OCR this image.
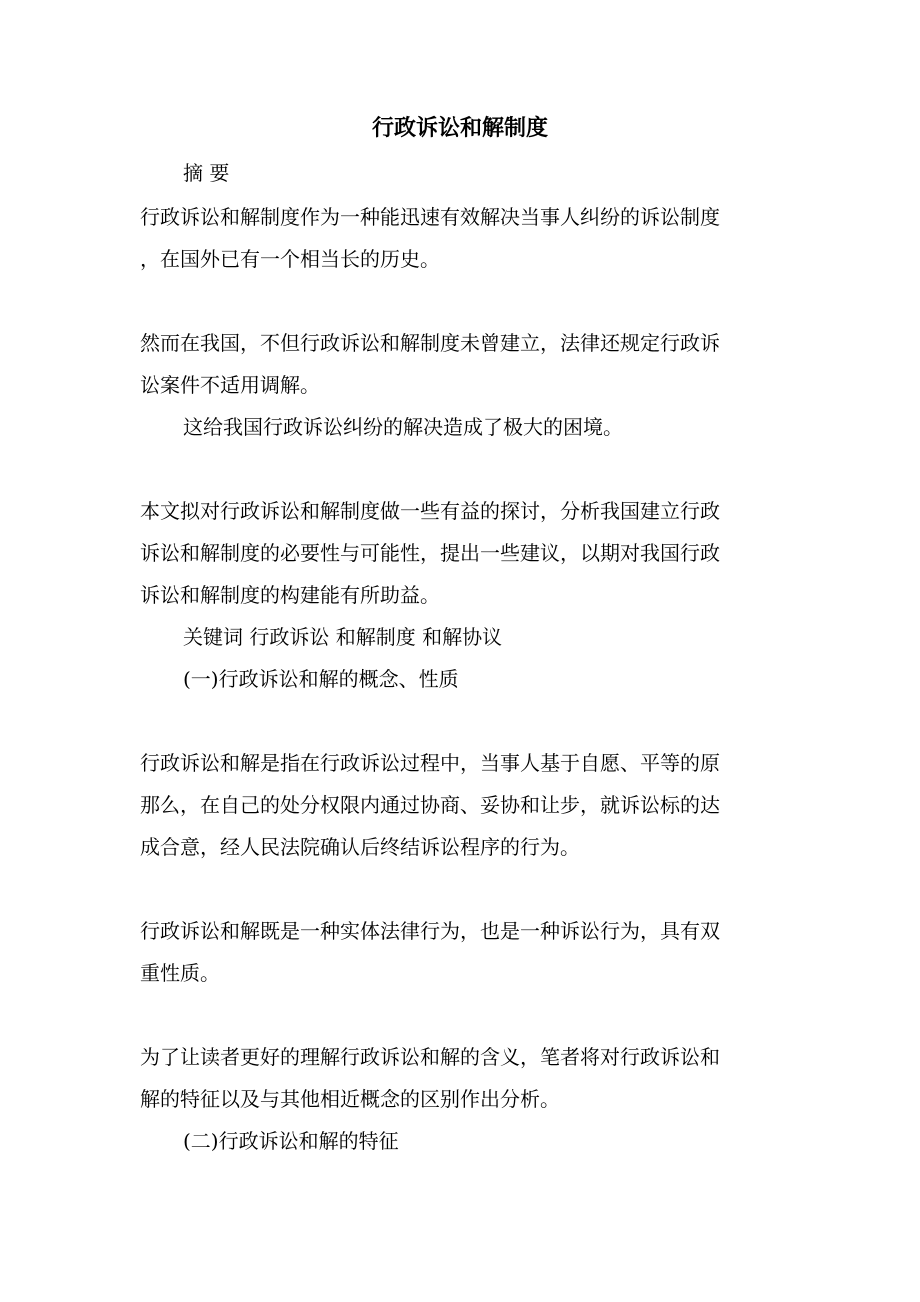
行政诉讼和解制度
摘 要
行政诉讼和解制度作为一种能迅速有效解决当事人纠纷的诉讼制度
，在国外已有一个相当长的历史。
然而在我国，不但行政诉讼和解制度未曾建立，法律还规定行政诉
讼案件不适用调解。
这给我国行政诉讼纠纷的解决造成了极大的困境。
本文拟对行政诉讼和解制度做一些有益的探讨，分析我国建立行政
诉讼和解制度的必要性与可能性，提出一些建议，以期对我国行政
诉讼和解制度的构建能有所助益。
关键词 行政诉讼 和解制度 和解协议
(一)行政诉讼和解的概念、性质
行政诉讼和解是指在行政诉讼过程中，当事人基于自愿、平等的原
那么，在自己的处分权限内通过协商、妥协和让步，就诉讼标的达
成合意，经人民法院确认后终结诉讼程序的行为。
行政诉讼和解既是一种实体法律行为，也是一种诉讼行为，具有双
重性质。
为了让读者更好的理解行政诉讼和解的含义，笔者将对行政诉讼和
解的特征以及与其他相近概念的区别作出分析。
(二)行政诉讼和解的特征
